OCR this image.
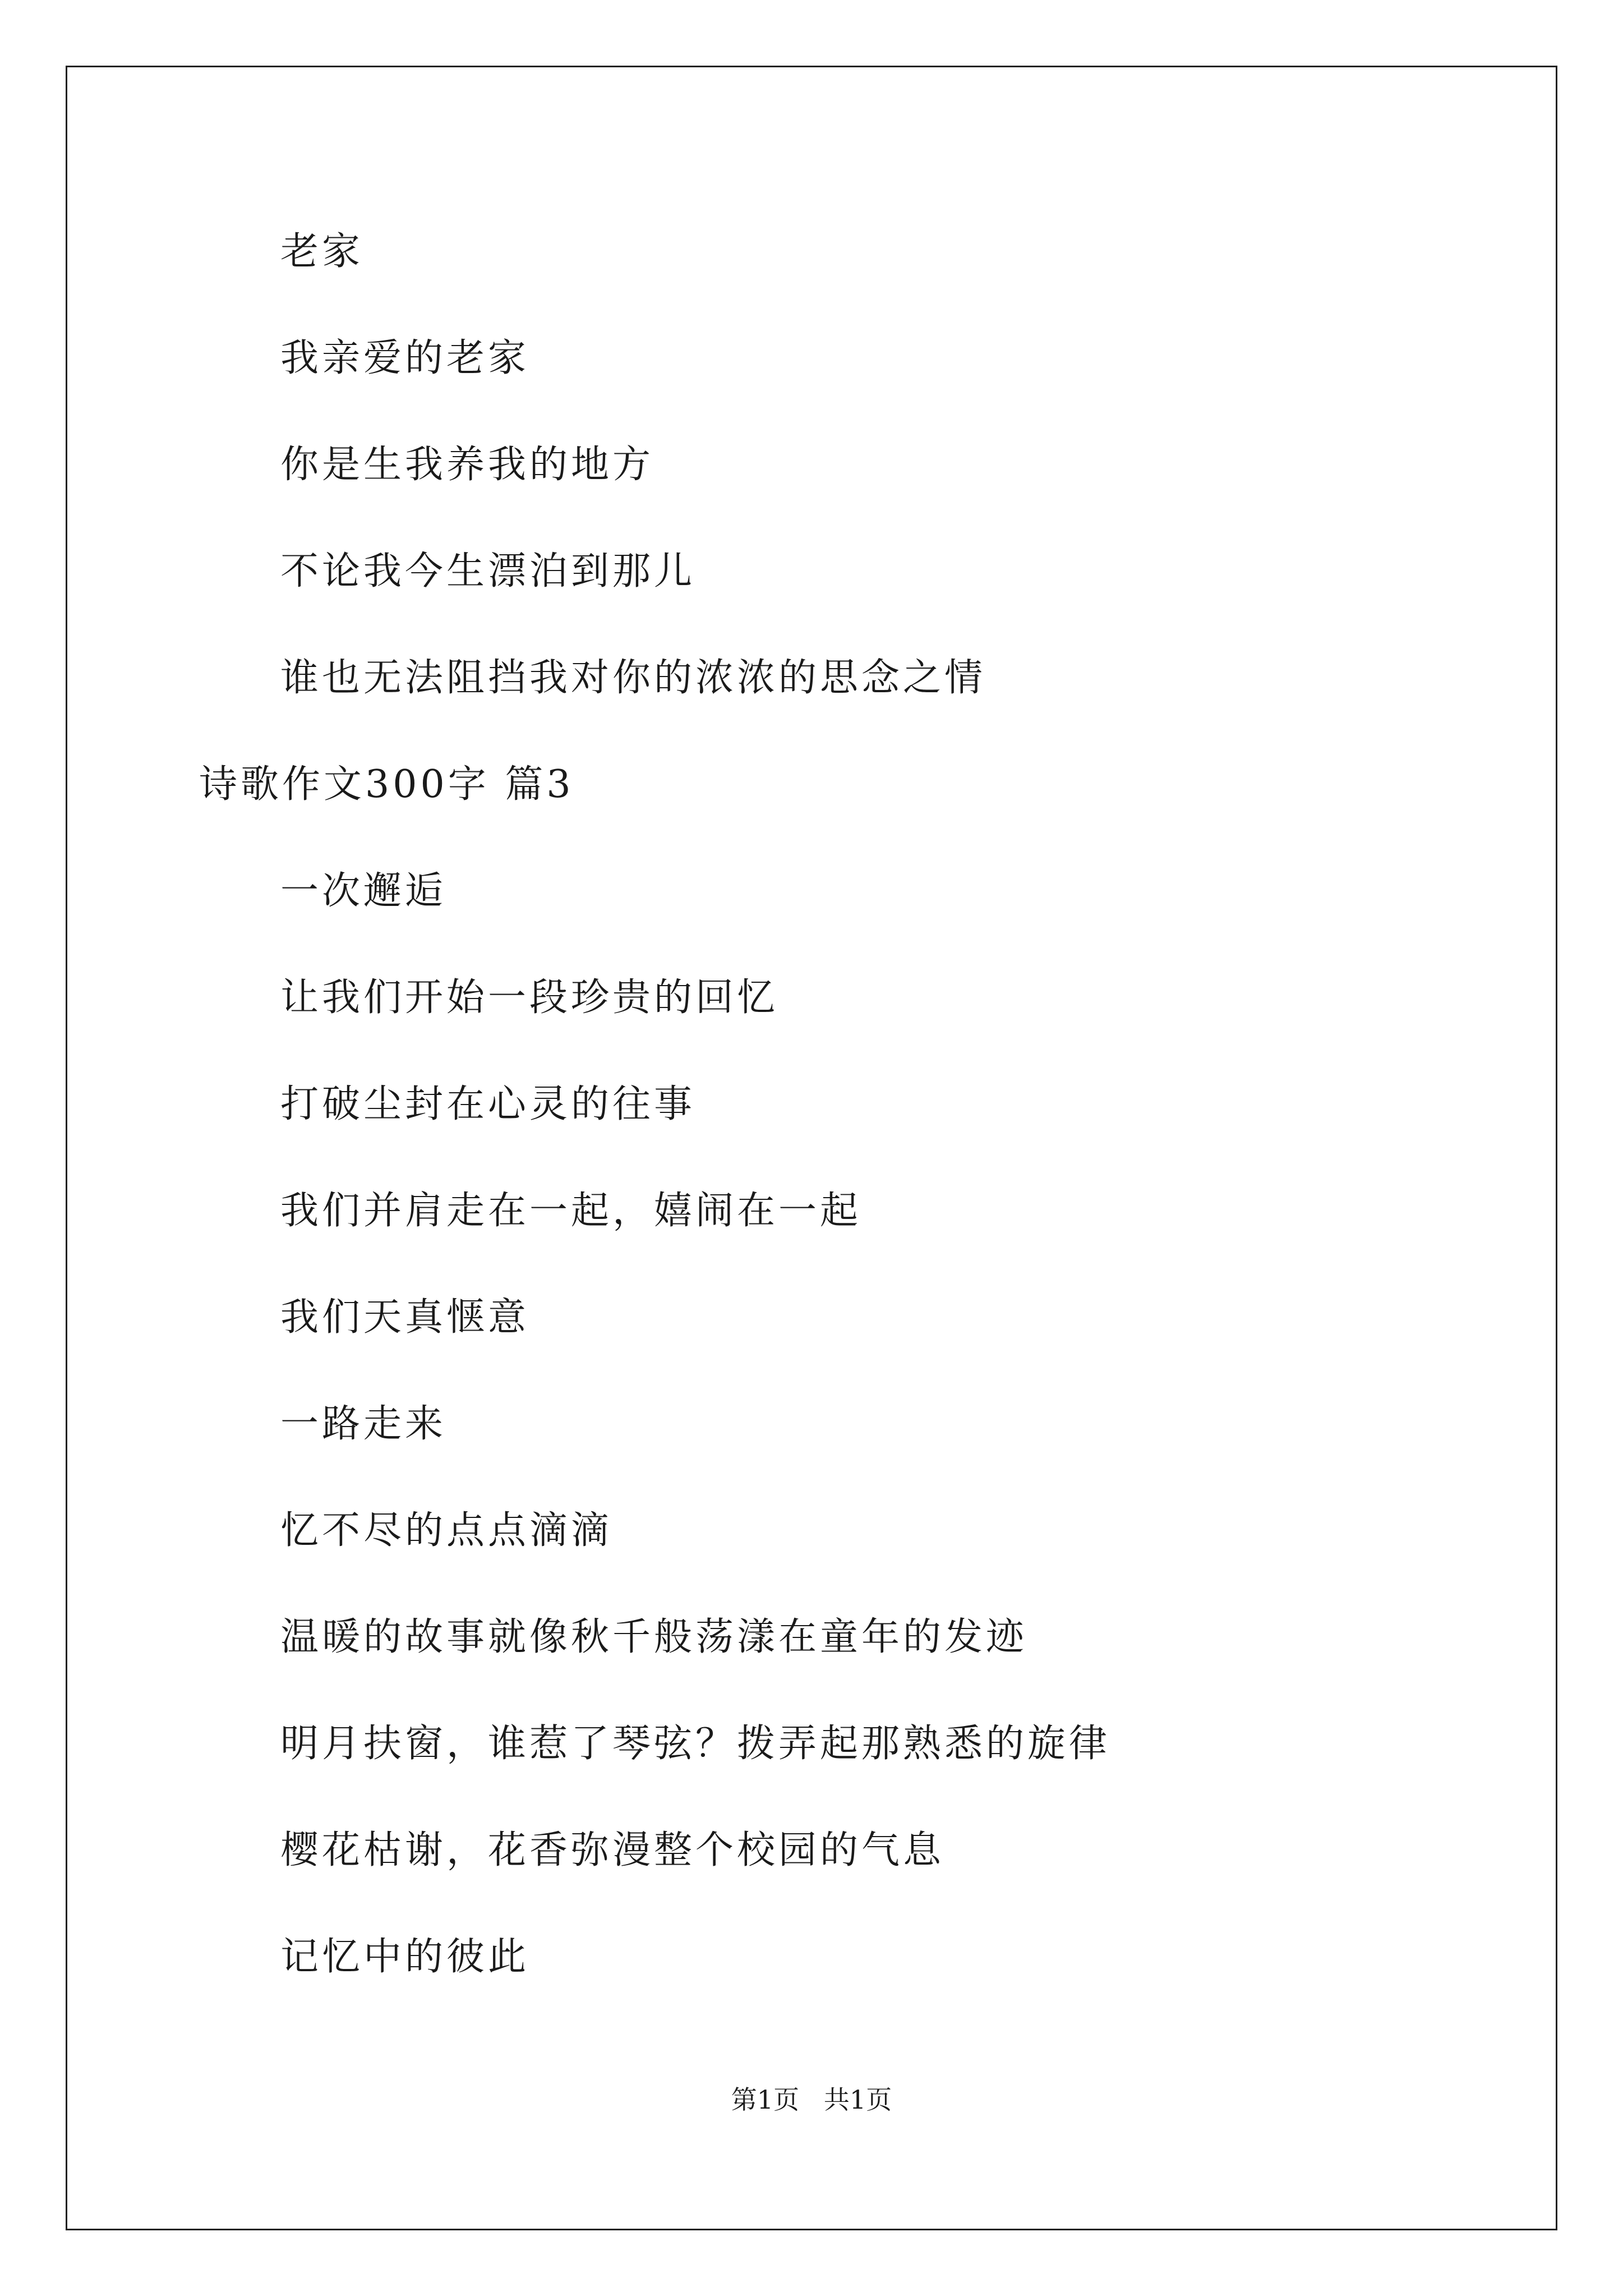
老家
我亲爱的老家
你是生我养我的地方
不论我今生漂泊到那儿
谁也无法阻挡我对你的浓浓的思念之情
诗歌作文300字 篇3
一次邂逅
让我们开始一段珍贵的回忆
打破尘封在心灵的往事
我们并肩走在一起，嬉闹在一起
我们天真惬意
一路走来
忆不尽的点点滴滴
温暖的故事就像秋千般荡漾在童年的发迹
明月扶窗，谁惹了琴弦？拨弄起那熟悉的旋律
樱花枯谢，花香弥漫整个校园的气息
记忆中的彼此
第1页   共1页
